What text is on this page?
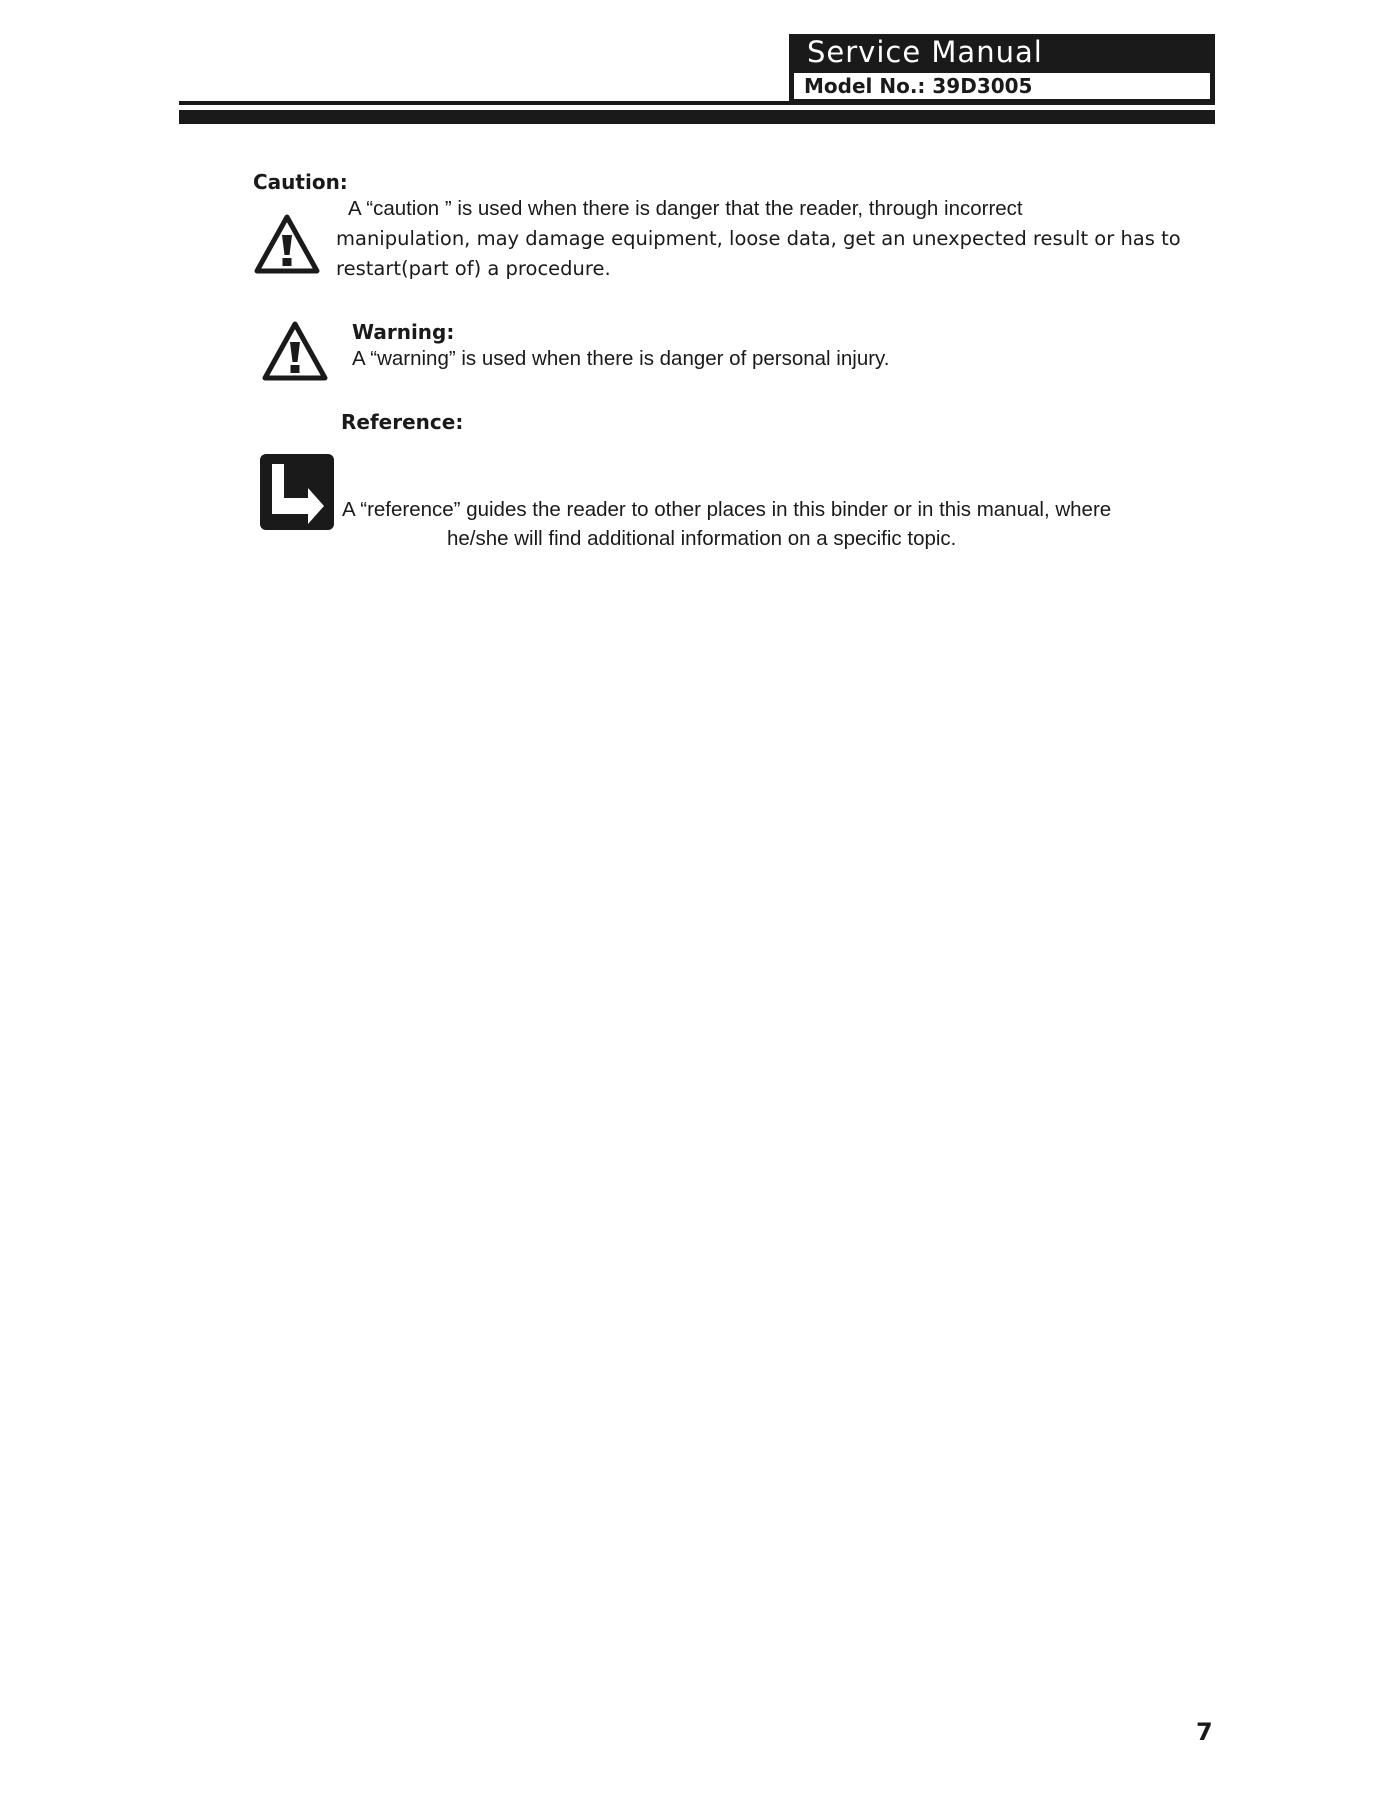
Service Manual
Model No.: 39D3005
Caution:
A “caution ” is used when there is danger that the reader, through incorrect
manipulation, may damage equipment, loose data, get an unexpected result or has to
restart(part of) a procedure.
Warning:
A “warning” is used when there is danger of personal injury.
Reference:
A “reference” guides the reader to other places in this binder or in this manual, where
he/she will find additional information on a specific topic.
7
